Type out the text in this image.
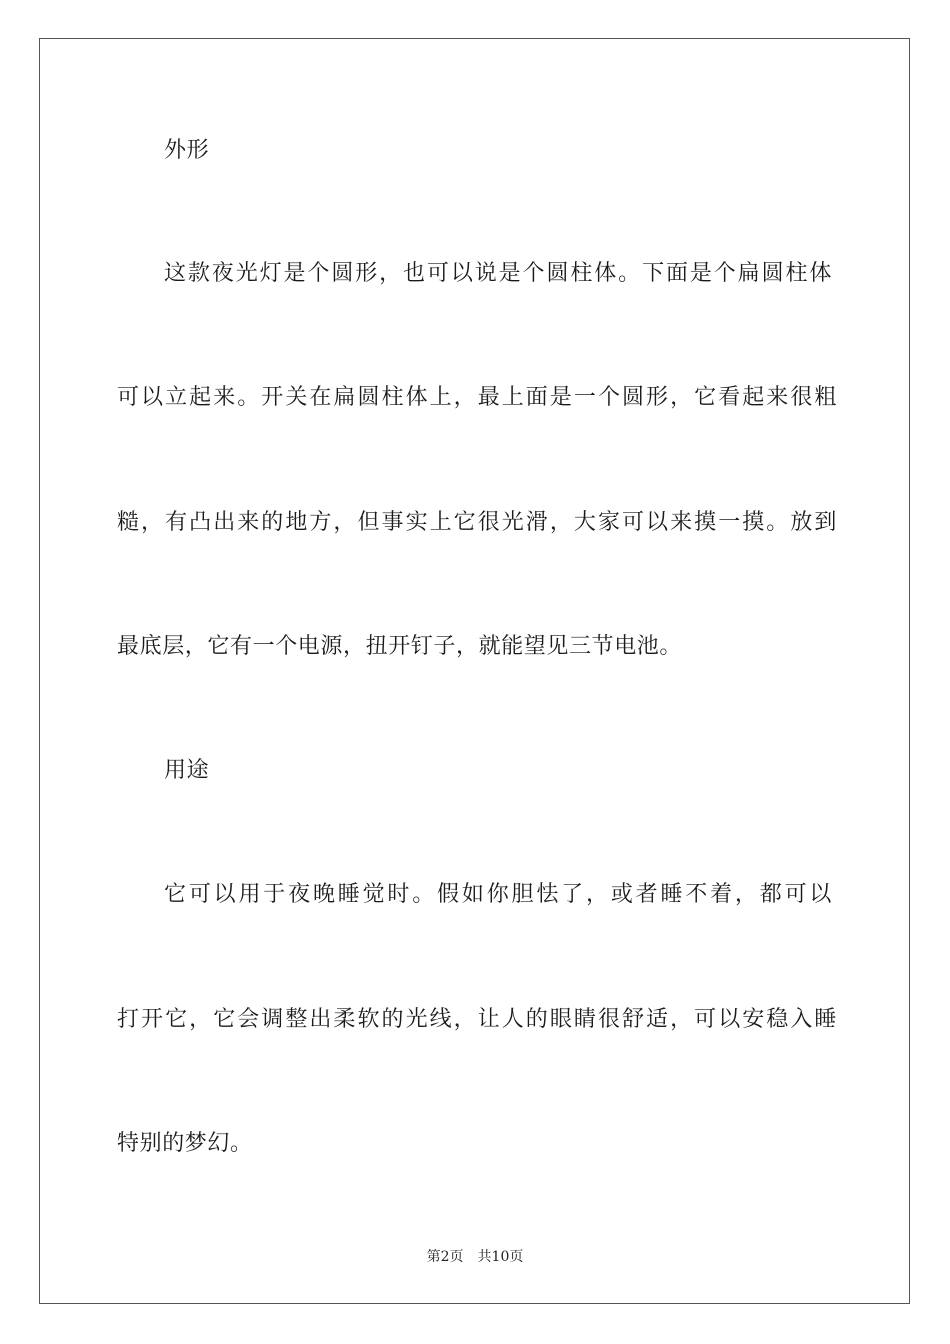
外形
这款夜光灯是个圆形，也可以说是个圆柱体。下面是个扁圆柱体
可以立起来。开关在扁圆柱体上，最上面是一个圆形，它看起来很粗
糙，有凸出来的地方，但事实上它很光滑，大家可以来摸一摸。放到
最底层，它有一个电源，扭开钉子，就能望见三节电池。
用途
它可以用于夜晚睡觉时。假如你胆怯了，或者睡不着，都可以
打开它，它会调整出柔软的光线，让人的眼睛很舒适，可以安稳入睡
特别的梦幻。
第2页 共10页
